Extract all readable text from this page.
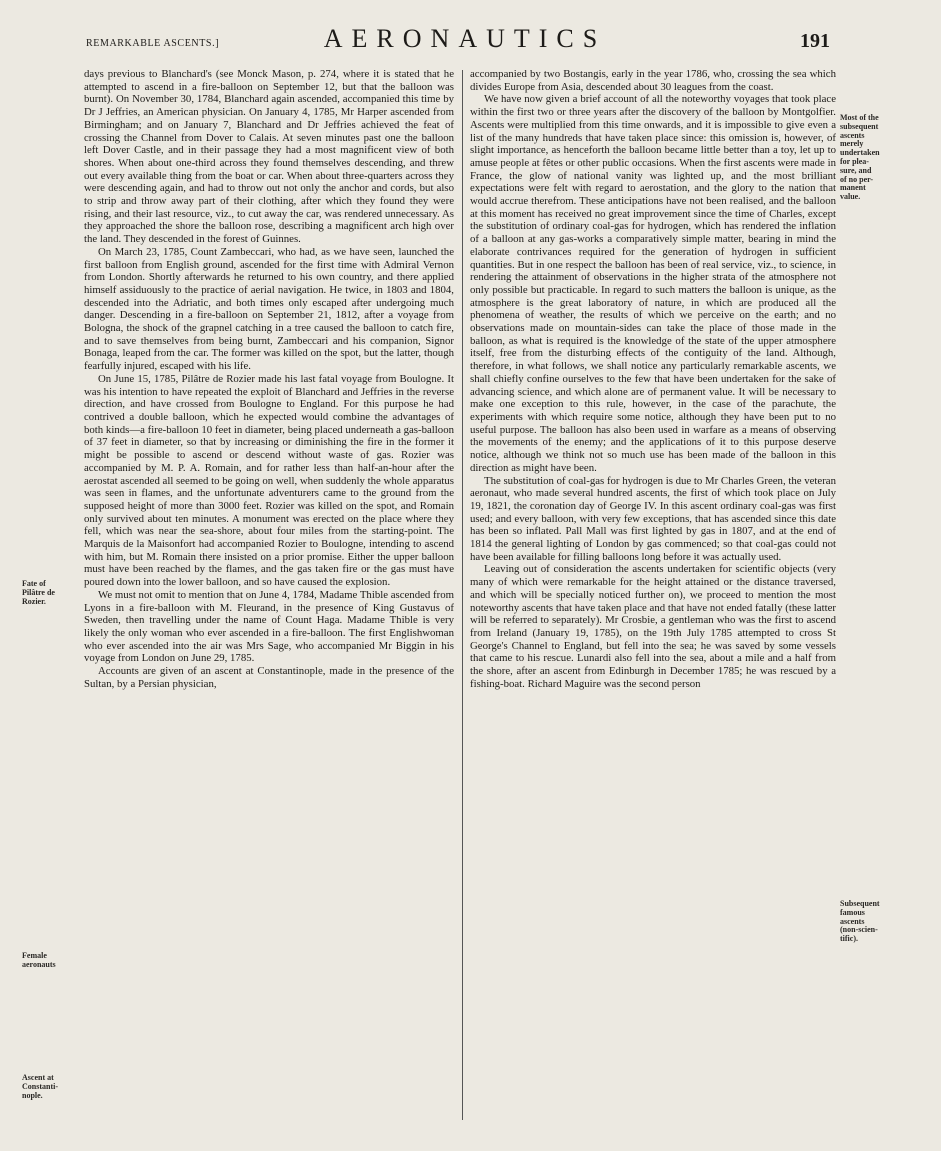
REMARKABLE ASCENTS.]	AERONAUTICS	191

days previous to Blanchard's (see Monck Mason, p. 274, where it is stated that he attempted to ascend in a fire-balloon on September 12, but that the balloon was burnt). On November 30, 1784, Blanchard again ascended, accompanied this time by Dr J Jeffries, an American physician. On January 4, 1785, Mr Harper ascended from Birmingham; and on January 7, Blanchard and Dr Jeffries achieved the feat of crossing the Channel from Dover to Calais. At seven minutes past one the balloon left Dover Castle, and in their passage they had a most magnificent view of both shores. When about one-third across they found themselves descending, and threw out every available thing from the boat or car. When about three-quarters across they were descending again, and had to throw out not only the anchor and cords, but also to strip and throw away part of their clothing, after which they found they were rising, and their last resource, viz., to cut away the car, was rendered unnecessary. As they approached the shore the balloon rose, describing a magnificent arch high over the land. They descended in the forest of Guinnes.

On March 23, 1785, Count Zambeccari, who had, as we have seen, launched the first balloon from English ground, ascended for the first time with Admiral Vernon from London. Shortly afterwards he returned to his own country, and there applied himself assiduously to the practice of aerial navigation. He twice, in 1803 and 1804, descended into the Adriatic, and both times only escaped after undergoing much danger. Descending in a fire-balloon on September 21, 1812, after a voyage from Bologna, the shock of the grapnel catching in a tree caused the balloon to catch fire, and to save themselves from being burnt, Zambeccari and his companion, Signor Bonaga, leaped from the car. The former was killed on the spot, but the latter, though fearfully injured, escaped with his life.

On June 15, 1785, Pilâtre de Rozier made his last fatal voyage from Boulogne. It was his intention to have repeated the exploit of Blanchard and Jeffries in the reverse direction, and have crossed from Boulogne to England. For this purpose he had contrived a double balloon, which he expected would combine the advantages of both kinds—a fire-balloon 10 feet in diameter, being placed underneath a gas-balloon of 37 feet in diameter, so that by increasing or diminishing the fire in the former it might be possible to ascend or descend without waste of gas. Rozier was accompanied by M. P. A. Romain, and for rather less than half-an-hour after the aerostat ascended all seemed to be going on well, when suddenly the whole apparatus was seen in flames, and the unfortunate adventurers came to the ground from the supposed height of more than 3000 feet. Rozier was killed on the spot, and Romain only survived about ten minutes. A monument was erected on the place where they fell, which was near the sea-shore, about four miles from the starting-point. The Marquis de la Maisonfort had accompanied Rozier to Boulogne, intending to ascend with him, but M. Romain there insisted on a prior promise. Either the upper balloon must have been reached by the flames, and the gas taken fire or the gas must have poured down into the lower balloon, and so have caused the explosion.

We must not omit to mention that on June 4, 1784, Madame Thible ascended from Lyons in a fire-balloon with M. Fleurand, in the presence of King Gustavus of Sweden, then travelling under the name of Count Haga. Madame Thible is very likely the only woman who ever ascended in a fire-balloon. The first Englishwoman who ever ascended into the air was Mrs Sage, who accompanied Mr Biggin in his voyage from London on June 29, 1785.

Accounts are given of an ascent at Constantinople, made in the presence of the Sultan, by a Persian physician,

accompanied by two Bostangis, early in the year 1786, who, crossing the sea which divides Europe from Asia, descended about 30 leagues from the coast.

We have now given a brief account of all the noteworthy voyages that took place within the first two or three years after the discovery of the balloon by Montgolfier. Ascents were multiplied from this time onwards, and it is impossible to give even a list of the many hundreds that have taken place since: this omission is, however, of slight importance, as henceforth the balloon became little better than a toy, let up to amuse people at fêtes or other public occasions. When the first ascents were made in France, the glow of national vanity was lighted up, and the most brilliant expectations were felt with regard to aerostation, and the glory to the nation that would accrue therefrom. These anticipations have not been realised, and the balloon at this moment has received no great improvement since the time of Charles, except the substitution of ordinary coal-gas for hydrogen, which has rendered the inflation of a balloon at any gas-works a comparatively simple matter, bearing in mind the elaborate contrivances required for the generation of hydrogen in sufficient quantities. But in one respect the balloon has been of real service, viz., to science, in rendering the attainment of observations in the higher strata of the atmosphere not only possible but practicable. In regard to such matters the balloon is unique, as the atmosphere is the great laboratory of nature, in which are produced all the phenomena of weather, the results of which we perceive on the earth; and no observations made on mountain-sides can take the place of those made in the balloon, as what is required is the knowledge of the state of the upper atmosphere itself, free from the disturbing effects of the contiguity of the land. Although, therefore, in what follows, we shall notice any particularly remarkable ascents, we shall chiefly confine ourselves to the few that have been undertaken for the sake of advancing science, and which alone are of permanent value. It will be necessary to make one exception to this rule, however, in the case of the parachute, the experiments with which require some notice, although they have been put to no useful purpose. The balloon has also been used in warfare as a means of observing the movements of the enemy; and the applications of it to this purpose deserve notice, although we think not so much use has been made of the balloon in this direction as might have been.

The substitution of coal-gas for hydrogen is due to Mr Charles Green, the veteran aeronaut, who made several hundred ascents, the first of which took place on July 19, 1821, the coronation day of George IV. In this ascent ordinary coal-gas was first used; and every balloon, with very few exceptions, that has ascended since this date has been so inflated. Pall Mall was first lighted by gas in 1807, and at the end of 1814 the general lighting of London by gas commenced; so that coal-gas could not have been available for filling balloons long before it was actually used.

Leaving out of consideration the ascents undertaken for scientific objects (very many of which were remarkable for the height attained or the distance traversed, and which will be specially noticed further on), we proceed to mention the most noteworthy ascents that have taken place and that have not ended fatally (these latter will be referred to separately). Mr Crosbie, a gentleman who was the first to ascend from Ireland (January 19, 1785), on the 19th July 1785 attempted to cross St George's Channel to England, but fell into the sea; he was saved by some vessels that came to his rescue. Lunardi also fell into the sea, about a mile and a half from the shore, after an ascent from Edinburgh in December 1785; he was rescued by a fishing-boat. Richard Maguire was the second person

Fate of
Pilâtre de
Rozier.
Female
aeronauts
Ascent at
Constanti-
nople.
Most of the
subsequent
ascents
merely
undertaken
for plea-
sure, and
of no per-
manent
value.
Subsequent
famous
ascents
(non-scien-
tific).
